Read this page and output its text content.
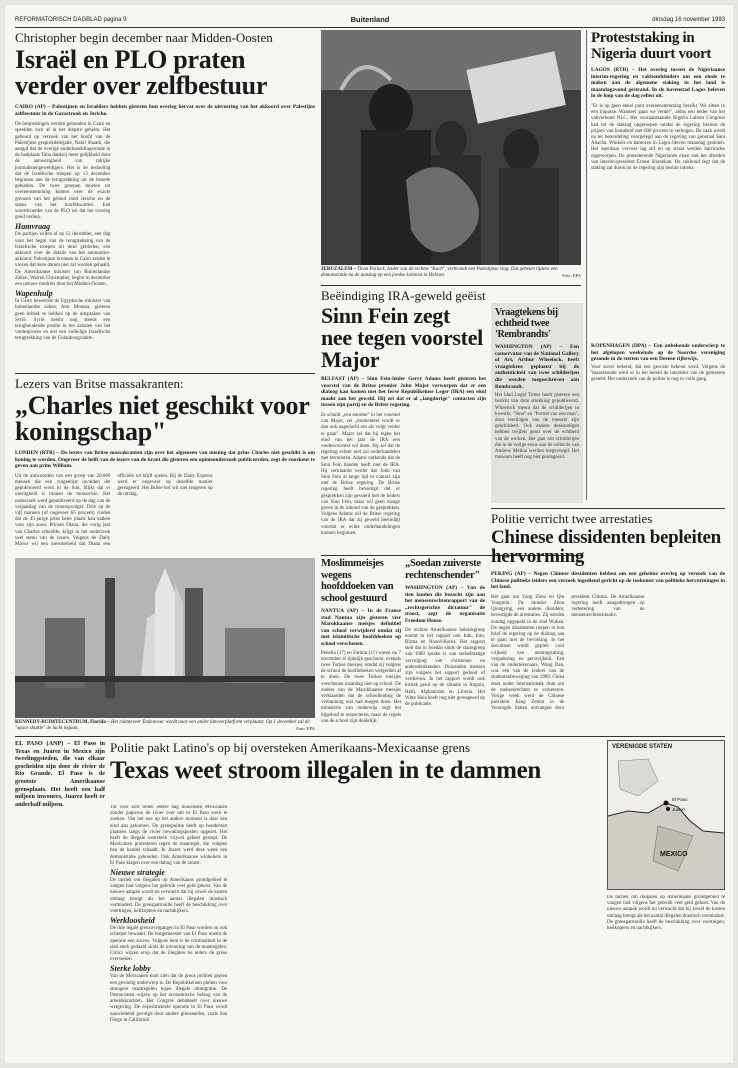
REFORMATORISCH DAGBLAD pagina 9	Buitenland	dinsdag 16 november 1993
Christopher begin december naar Midden-Oosten
Israël en PLO praten verder over zelfbestuur
CAIRO (AP) – Palestijnen en Israëlïers hebben gisteren hun overleg hervat over de uitvoering van het akkoord over Palestijns zelfbestuur in de Gazastrook en Jericho.

De besprekingen werden gehouden in Cairo en speelden zich af in het diepste geheim. Het gebeurd op verzoek van het hoofd van de Palestijnse gesprekdelegatie, Nabil Shaath, die aangaf dat de overige onderhandelingsronde in de badplaats Taba dankzij meer gelijkheid door de aanwezigheid van talrijke journalistengeweldigers. Het is de bedoeling dat de Israëlische troepen op 13 december beginnen aan de terugtrekking uit de bezette gebieden. De twee groepen moeten tot overeenstemming komen over de exacte grenzen van het gebied rond Jericho en de status van het hoofdkwartier. Een woordvoerder van de PLO zei dat het overleg goed verliep.

Hamvraag

De partijen willen al op 12 december, een dag voor het begin van de terugtrekking van de Israëlische troepen uit deze gebieden, een akkoord over de details van het autonomie-akkoord. Palestijnse bronnen in Caïro zeiden te vrezen dat deze datum niet zal worden gehaald. De Amerikaanse minister van Buitenlandse Zaken, Warren Christopher, begint in december een nieuwe rondreis door het Midden-Oosten.

Wapenhulp

In Caïro beweerde de Egyptische minister van buitenlandse zaken, Amr Moussa, gisteren geen kritiek te hebben op de uitspraken van Syrië. Syrië neemt nog steeds een terughoudende positie in ten aanzien van het vredesproces en eist een volledige Israëlische terugtrekking van de Golanhoogvlakte.

JERUZALEM – Tiran Pollack, leider van de rechtse "Kach", verbrandt een Palestijnse vlag. Dat gebeurt tijdens een demonstratie na de aanslag op een joodse kolonist in Hebron.	Foto: EPA
Proteststaking in Nigeria duurt voort
LAGOS (RTR) – Het overleg tussen de Nigeriaanse interim-regering en vakbondsleiders om een einde te maken aan de algemene staking in het land is maandagavond gestrand. In de havenstad Lagos beleven in de loop van de dag rellen uit.

"Er is op geen enkel punt overeenstemming bereikt. We zitten in een impasse. Wanneer gaan we verder", aldus een leider van het vakverbond NLC. Het vooraanstaande Nigeria Labour Congress had tot de staking opgeroepen omdat de regering besloot de prijzen van brandstof met 600 procent te verhogen. De zaak wordt nu ter beoordeling voorgelegd aan de regering van generaal Sani Abacha. Winkels en kantoren in Lagos bleven maandag gesloten. Het openbaar vervoer lag stil en op straat werden barricades opgeworpen. De protesterende Nigerianen eisen ook het aftreden van interim-president Ernest Shonekan. De vakbond zegt dat de staking zal duren tot de regering zijn besluit intrekt.

KOPENHAGEN (DPA) – Een onbekende onderwierp te het afgelopen weekeinde op de Noordse vereniging gezonde in de stetten van een Deense rijbewijs.

Voor zover bekend, dat een gewiste bekend werd. Volgens de Vaaarskunde werd er in het beleid de interaties van de gemeente gesteld. Het onderzoek van de politie is nog in volle gang.

Lezers van Britse massakranten:
„Charles niet geschikt voor koningschap"
LONDEN (RTR) – De lezers van Britse massakranten zijn over het algemeen van mening dat prins Charles niet geschikt is om koning te worden. Ongeveer de helft van de lezers van de krant die gisteren een opinieonderzoek publiceerden, zegt de voorkeur te geven aan prins William.

Uit de antwoorden van een groep van 20.000 mensen die een vragenlijst invulden die gepubliceerd werd in de Sun, blijkt dat er onenigheid is binnen de monarchie. Het onderzoek werd gepubliceerd op de dag van de verjaardag van de troonopvolger. Drie op de vijf mannen (of ongeveer 65 procent) vinden dat de 45-jarige prins beter plaats kan maken voor zijn zoon. Prinses Diana, die vorig jaar van Charles scheidde, krijgt in het onderzoek veel steun van de lezers. Volgens de Daily Mirror wil een meerderheid dat Diana een officiële rol blijft spelen. Bij de Daily Express werd er ongeveer op dezelfde manier gereageerd. Het Britse hof wil niet reageren op de uitslag.

Beëindiging IRA-geweld geëist
Sinn Fein zegt nee tegen voorstel Major
BELFAST (AP) – Sinn Fein-leider Gerry Adams heeft gisteren het voorstel van de Britse premier John Major verworpen dat er een dialoog kan komen met het Ierse Republikeinse Leger (IRA) een eind maakt aan het geweld. Hij zei dat er al „langdurige" contacten zijn tussen zijn partij en de Britse regering.

Er schuilt „een enorme" in het voorstel van Major, zei „momenteel wordt er dan ook nagedacht om als volgt verder te gaan". Major zei dat hij tegen het eind van het jaar de IRA een vredesvoorstel wil doen. Hij zei dat de regering echter niet zal onderhandelen met terroristen. Adams ontkende dat de Sinn Fein banden heeft met de IRA. Hij verklaarde verder dat John van Sinn Fein al lange tijd in contact zijn met de Britse regering. De Britse regering heeft bevestigd dat er gesprekken zijn gevoerd met de leiders van Sinn Fein, maar wil geen inzage geven in de inhoud van de gesprekken. Volgens Adams wil de Britse regering van de IRA dat zij geweld beëindigt voordat er echte onderhandelingen kunnen beginnen.

Vraagtekens bij echtheid twee 'Rembrandts'
WASHINGTON (AP) – Een conservator van de National Gallery of Art, Arthur Wheelock, heeft vraagtekens geplaatst bij de authenticiteit van twee schilderijen die worden toegeschreven aan Rembrandt.

Het blad Legal Times heeft gisteren een bericht van deze strekking gepubliceerd. Wheelock meent dat de schilderijen in kwestie, "Juno" en "Portret van een man", door leerlingen van de meester zijn geschilderd. Ook andere deskundigen hebben twijfels geuit over de echtheid van de werken. Het gaat om schilderijen die in de vorige eeuw aan de collectie van Andrew Mellon werden toegevoegd. Het museum heeft nog niet gereageerd.

KENNEDY-RUIMTECENTRUM, Florida – Het ruimteveer Endeavour wordt naar een ander lanceerplatform verplaatst. Op 1 december zal de "space shuttle" de lucht ingaan.	Foto: EPA
Moslimmeisjes wegens hoofddoeken van school gestuurd
NANTUA (AP) – In de Franse stad Nantua zijn gisteren vier Marokkaanse meisjes definitief van school verwijderd omdat zij met islamitische hoofddoeken op school verschenen.

Penelia (17) en Fatima (11) waren op 7 november al tijdelijk geschorst, evenals twee Turkse meisjes, omdat zij volgens de school de hoofddoeken weigerden af te doen. De twee Turkse meisjes verschenen maandag niet op school. De ouders van de Marokkaanse meisjes verklaarden dat de schoolleiding de verbanning niet had mogen doen. Het ministerie van onderwijs zegt het bijgeloof te respecteren, maar de regels van de school zijn duidelijk.

„Soedan zuiverste rechtenschender"
WASHINGTON (AP) – Van de tien landen die bezocht zijn aan het mensenrechtenrapport van de „rechtsgerichte dictatuur" de troost, zegt de organisatie Freedom House.

De rechtse Amerikaanse beleidsgroep noemt in het rapport ook Irak, Iran, Birma en Noord-Korea. Het rapport stelt dat in Soedan sinds de staatsgreep van 1989 sprake is van stelselmatige vervolging van christenen en andersdenkenden. Duizenden mensen zijn volgens het rapport gedood of verdreven. In het rapport wordt ook kritiek geuit op de situatie in Angola, Haïti, Afghanistan en Liberia. Het Witte Huis heeft nog niet gereageerd op de publicatie.

Politie verricht twee arrestaties
Chinese dissidenten bepleiten hervorming
PEKING (AP) – Negen Chinese dissidenten hebben om een geheime overleg op verzoek van de Chinese politieke leiders een verzoek ingediend gericht op de toekomst van politieke hervormingen in het land.

Het gaat om Yang Zhou en Qin Yongmin. De moeder Zhou Qiongying, een andere dissident, bevestigde de arrestaties. Zij werden zondag opgepakt in de stad Wuhan. De negen dissidenten roepen in hun brief de regering op de dialoog aan te gaan met de bevolking. In het document wordt gepleit voor vrijheid van meningsuiting, vergadering en persvrijheid. Een van de ondertekenaars, Wang Dan, was een van de leiders van de studentenbeweging van 1989. China staat onder internationale druk om de mensenrechten te verbeteren. Vorige week werd de Chinese president Jiang Zemin in de Verenigde Staten ontvangen door president Clinton. De Amerikaanse regering heeft aangedrongen op verbetering van de mensenrechtensituatie.

EL PASO (ANP) – El Paso in Texas en Juarez in Mexico zijn tweelinggsteden, die van elkaar gescheiden zijn door de rivier de Rio Grande. El Paso is de grootste Amerikaanse grensplaats. Het heeft een half miljoen inwoners, Juarez heeft er anderhalf miljoen.
Politie pakt Latino's op bij oversteken Amerikaans-Mexicaanse grens
Texas weet stroom illegalen in te dammen

Tot voor kort reden iedere dag duizenden Mexicanen zonder papieren de rivier over om in El Paso werk te zoeken. Van het ene op het andere moment is daar een eind aan gekomen. De grenspolitie heeft op honderden plaatsen langs de rivier bewakingsposten opgezet. Het heeft de illegale oversteek vrijwel geheel gestopt. De Mexicanen protesteren tegen de maatregel, die volgens hen de handel schaadt. In Juarez werd deze week een demonstratie gehouden. Ook Amerikaanse winkeliers in El Paso klagen over een daling van de omzet.

Nieuwe strategie

De tactiek om illegalen op Amerikaans grondgebied te vangen had volgens het gebruik veel geld gekost. Van de nieuwe aanpak wordt nu verwacht dat hij zowel de kosten omlaag brengt als het aantal illegalen drastisch vermindert. De grenspatrouille heeft de beschikking over voertuigen, helikopters en nachtkijkers.

Werkloosheid

De drie legale grensovergangen in El Paso worden nu ook scherper bewaakt. De burgemeester van El Paso noemt de operatie een succes. Volgens hem is de criminaliteit in de stad sterk gedaald sinds de invoering van de maatregelen. Critici wijzen erop dat de illegalen nu elders de grens oversteken.

Sterke lobby

Van de Mexicanen kunt zien dat de grens politiek gezien een gevoelig onderwerp is. De Republikeinen pleiten voor strengere maatregelen tegen illegale immigratie. De Democraten wijzen op het economische belang van de arbeidskrachten. Het Congres debatteert over nieuwe wetgeving. De experimentele operatie in El Paso wordt nauwlettend gevolgd door andere grenssteden, zoals San Diego in Californië.

VERENIGDE STATEN
MEXICO
El Paso
Juarez

De tactiek om illegalen op Amerikaans grondgebied te vangen had volgens het gebruik veel geld gekost. Van de nieuwe aanpak wordt nu verwacht dat hij zowel de kosten omlaag brengt als het aantal illegalen drastisch vermindert. De grenspatrouille heeft de beschikking over voertuigen, helikopters en nachtkijkers.
